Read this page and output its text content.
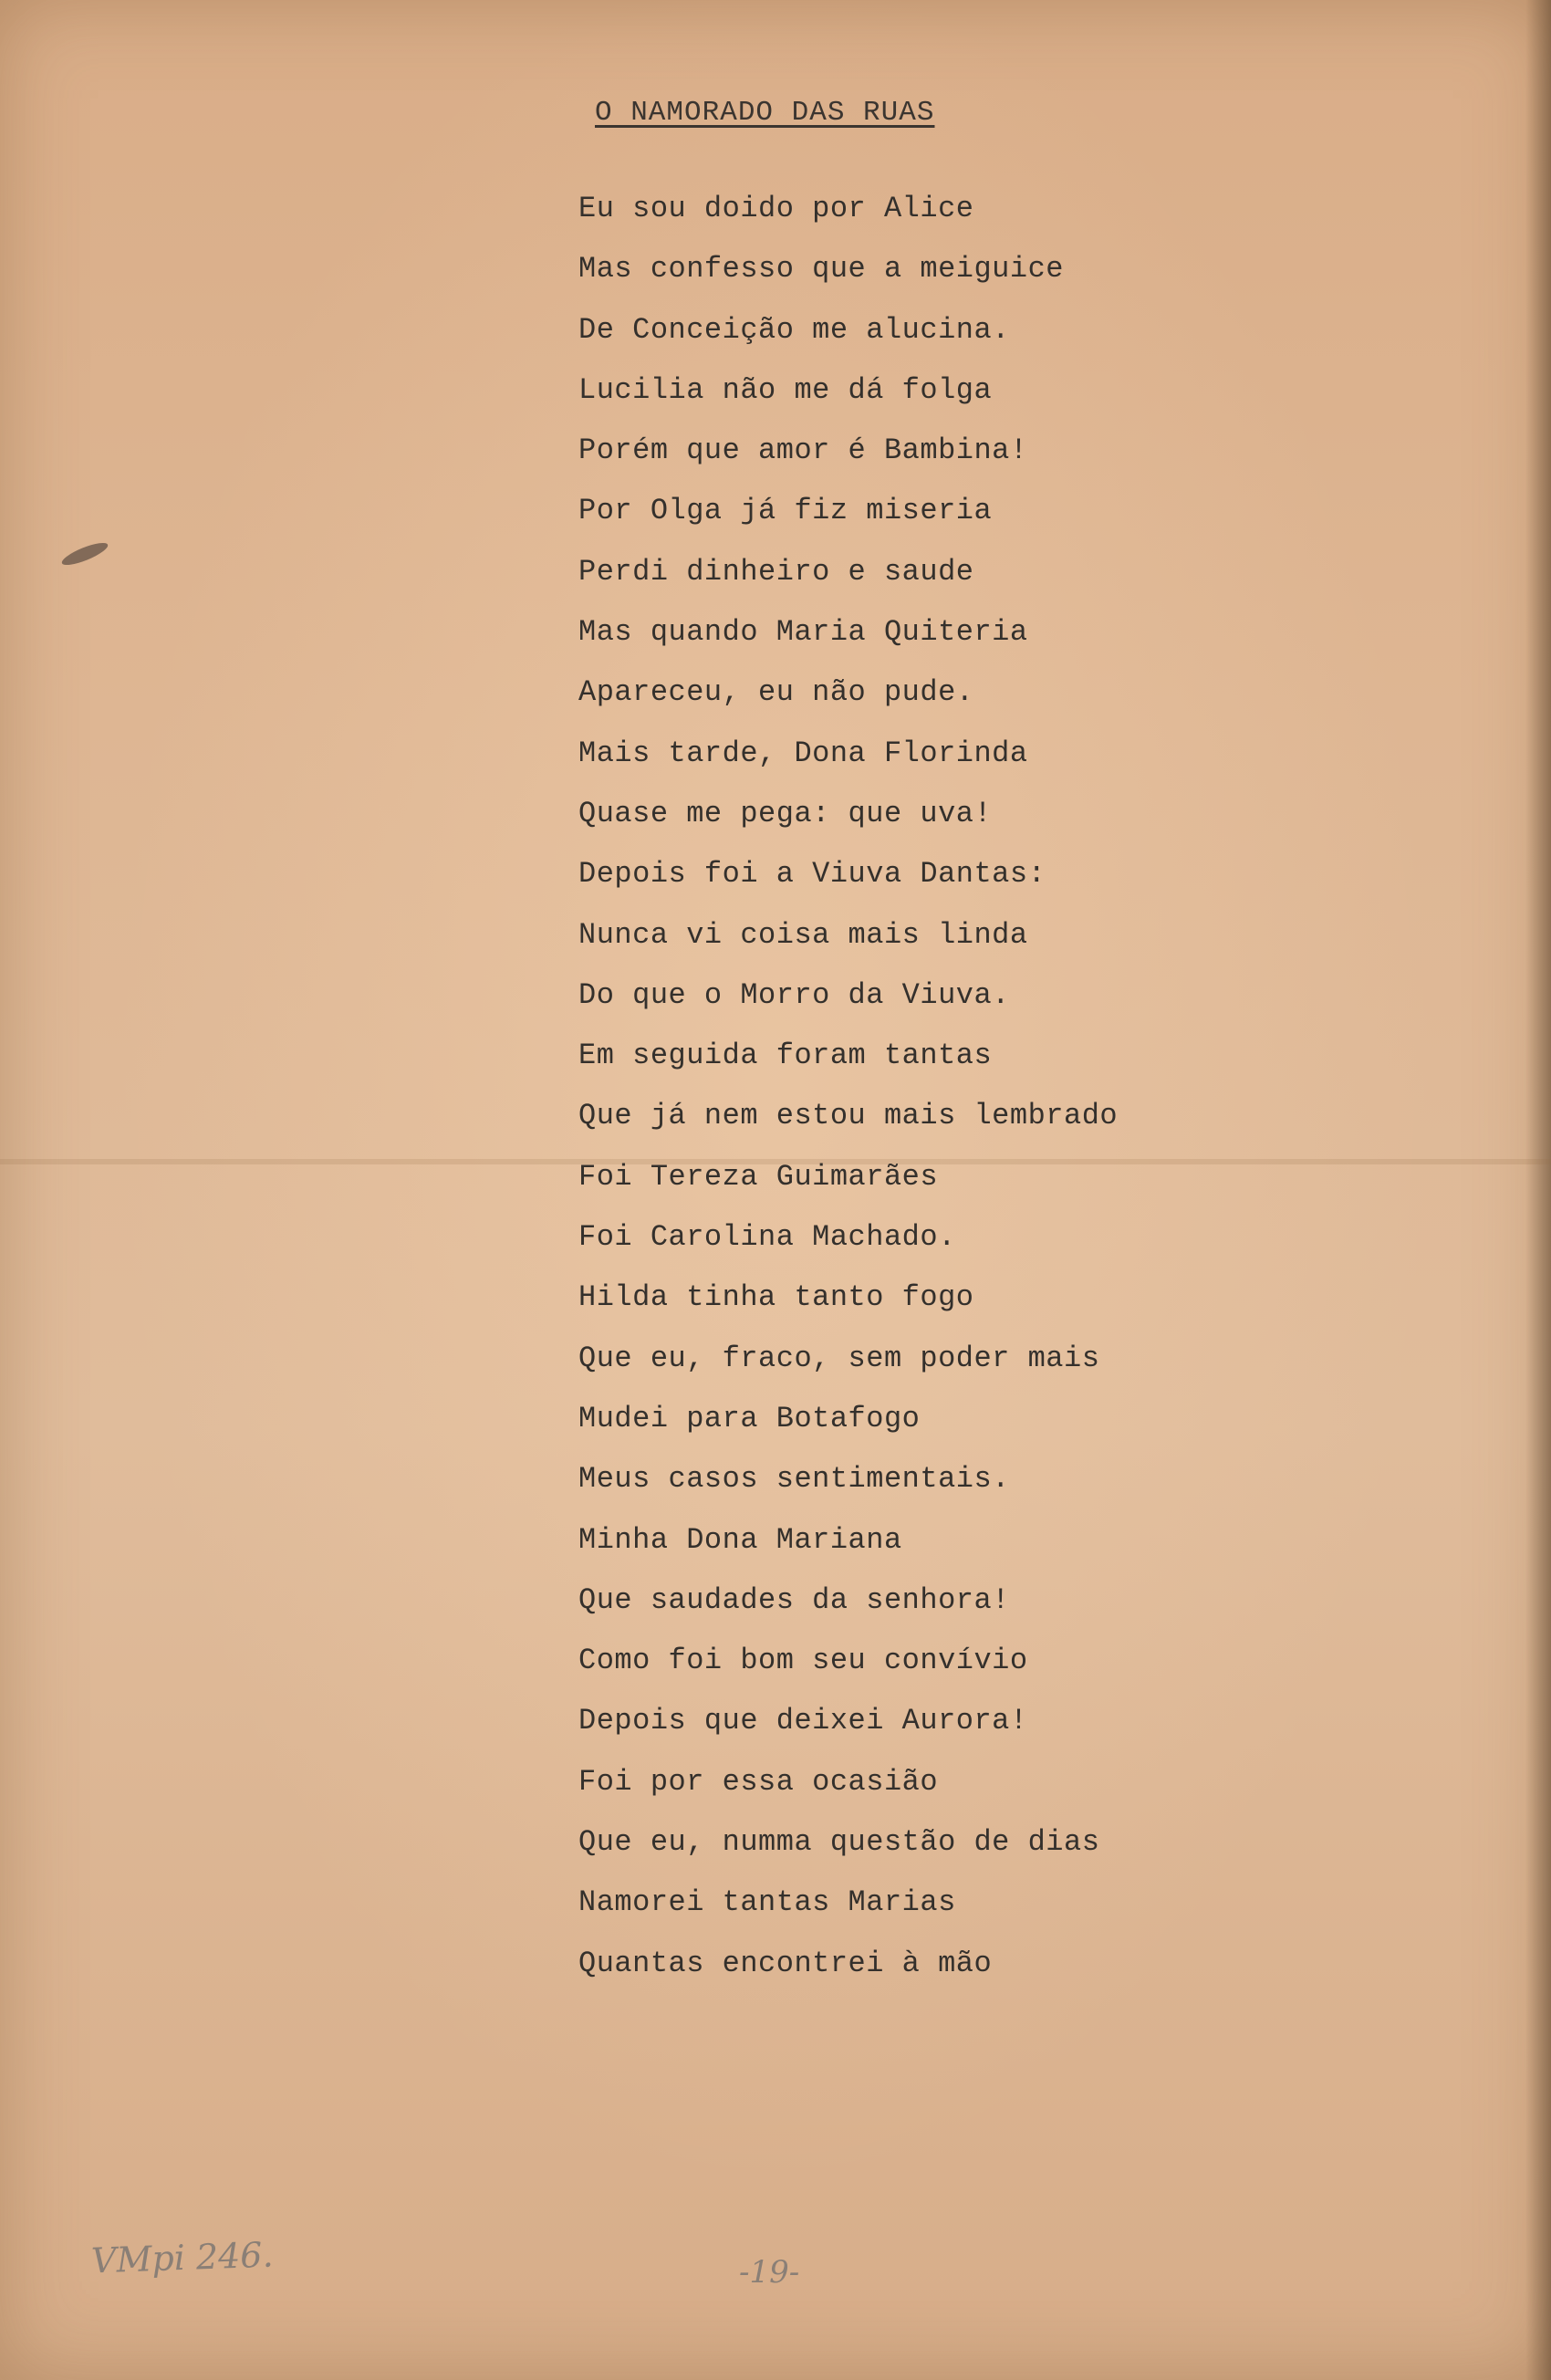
O NAMORADO DAS RUAS
Eu sou doido por Alice
Mas confesso que a meiguice
De Conceição me alucina.
Lucilia não me dá folga
Porém que amor é Bambina!
Por Olga já fiz miseria
Perdi dinheiro e saude
Mas quando Maria Quiteria
Apareceu, eu não pude.
Mais tarde, Dona Florinda
Quase me pega: que uva!
Depois foi a Viuva Dantas:
Nunca vi coisa mais linda
Do que o Morro da Viuva.
Em seguida foram tantas
Que já nem estou mais lembrado
Foi Tereza Guimarães
Foi Carolina Machado.
Hilda tinha tanto fogo
Que eu, fraco, sem poder mais
Mudei para Botafogo
Meus casos sentimentais.
Minha Dona Mariana
Que saudades da senhora!
Como foi bom seu convívio
Depois que deixei Aurora!
Foi por essa ocasião
Que eu, numma questão de dias
Namorei tantas Marias
Quantas encontrei à mão
VMpi 246.	-19-
